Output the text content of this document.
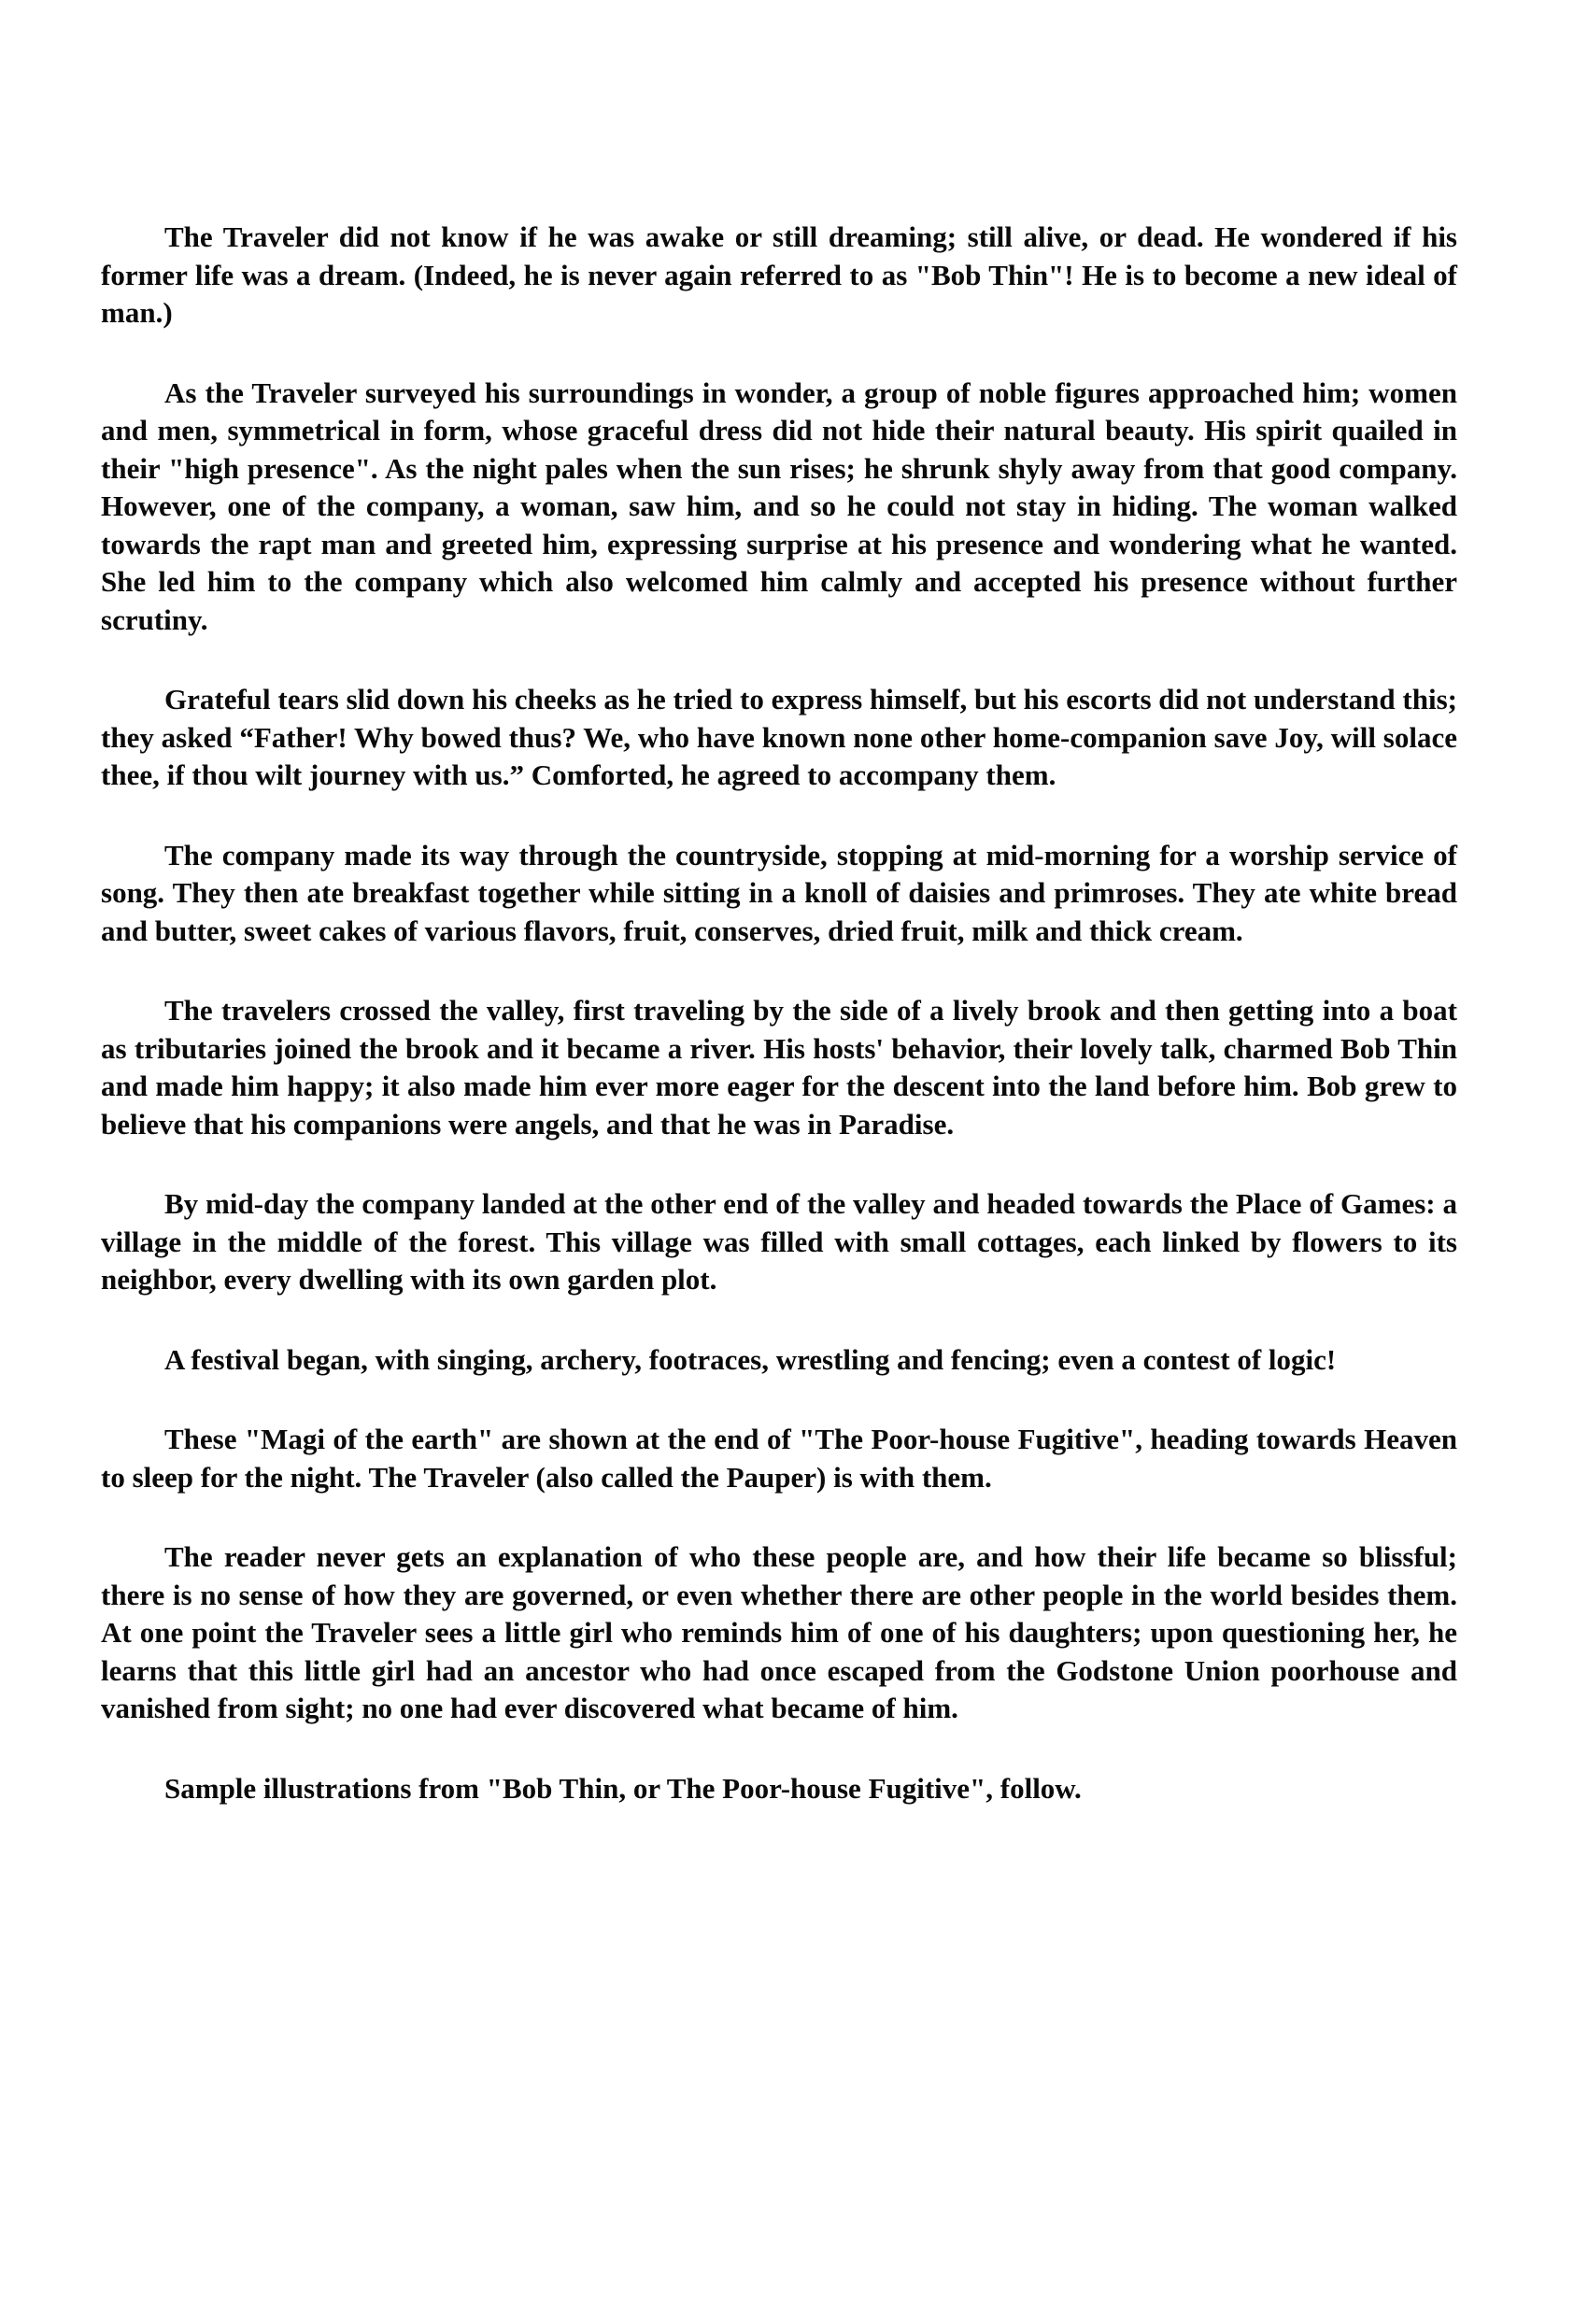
The Traveler did not know if he was awake or still dreaming; still alive, or dead. He wondered if his former life was a dream. (Indeed, he is never again referred to as "Bob Thin"! He is to become a new ideal of man.)

As the Traveler surveyed his surroundings in wonder, a group of noble figures approached him; women and men, symmetrical in form, whose graceful dress did not hide their natural beauty. His spirit quailed in their "high presence". As the night pales when the sun rises; he shrunk shyly away from that good company. However, one of the company, a woman, saw him, and so he could not stay in hiding. The woman walked towards the rapt man and greeted him, expressing surprise at his presence and wondering what he wanted. She led him to the company which also welcomed him calmly and accepted his presence without further scrutiny.

Grateful tears slid down his cheeks as he tried to express himself, but his escorts did not understand this; they asked “Father! Why bowed thus? We, who have known none other home-companion save Joy, will solace thee, if thou wilt journey with us.” Comforted, he agreed to accompany them.

The company made its way through the countryside, stopping at mid-morning for a worship service of song. They then ate breakfast together while sitting in a knoll of daisies and primroses. They ate white bread and butter, sweet cakes of various flavors, fruit, conserves, dried fruit, milk and thick cream.

The travelers crossed the valley, first traveling by the side of a lively brook and then getting into a boat as tributaries joined the brook and it became a river. His hosts' behavior, their lovely talk, charmed Bob Thin and made him happy; it also made him ever more eager for the descent into the land before him. Bob grew to believe that his companions were angels, and that he was in Paradise.

By mid-day the company landed at the other end of the valley and headed towards the Place of Games: a village in the middle of the forest. This village was filled with small cottages, each linked by flowers to its neighbor, every dwelling with its own garden plot.

A festival began, with singing, archery, footraces, wrestling and fencing; even a contest of logic!

These "Magi of the earth" are shown at the end of "The Poor-house Fugitive", heading towards Heaven to sleep for the night. The Traveler (also called the Pauper) is with them.

The reader never gets an explanation of who these people are, and how their life became so blissful; there is no sense of how they are governed, or even whether there are other people in the world besides them. At one point the Traveler sees a little girl who reminds him of one of his daughters; upon questioning her, he learns that this little girl had an ancestor who had once escaped from the Godstone Union poorhouse and vanished from sight; no one had ever discovered what became of him.

Sample illustrations from "Bob Thin, or The Poor-house Fugitive", follow.
